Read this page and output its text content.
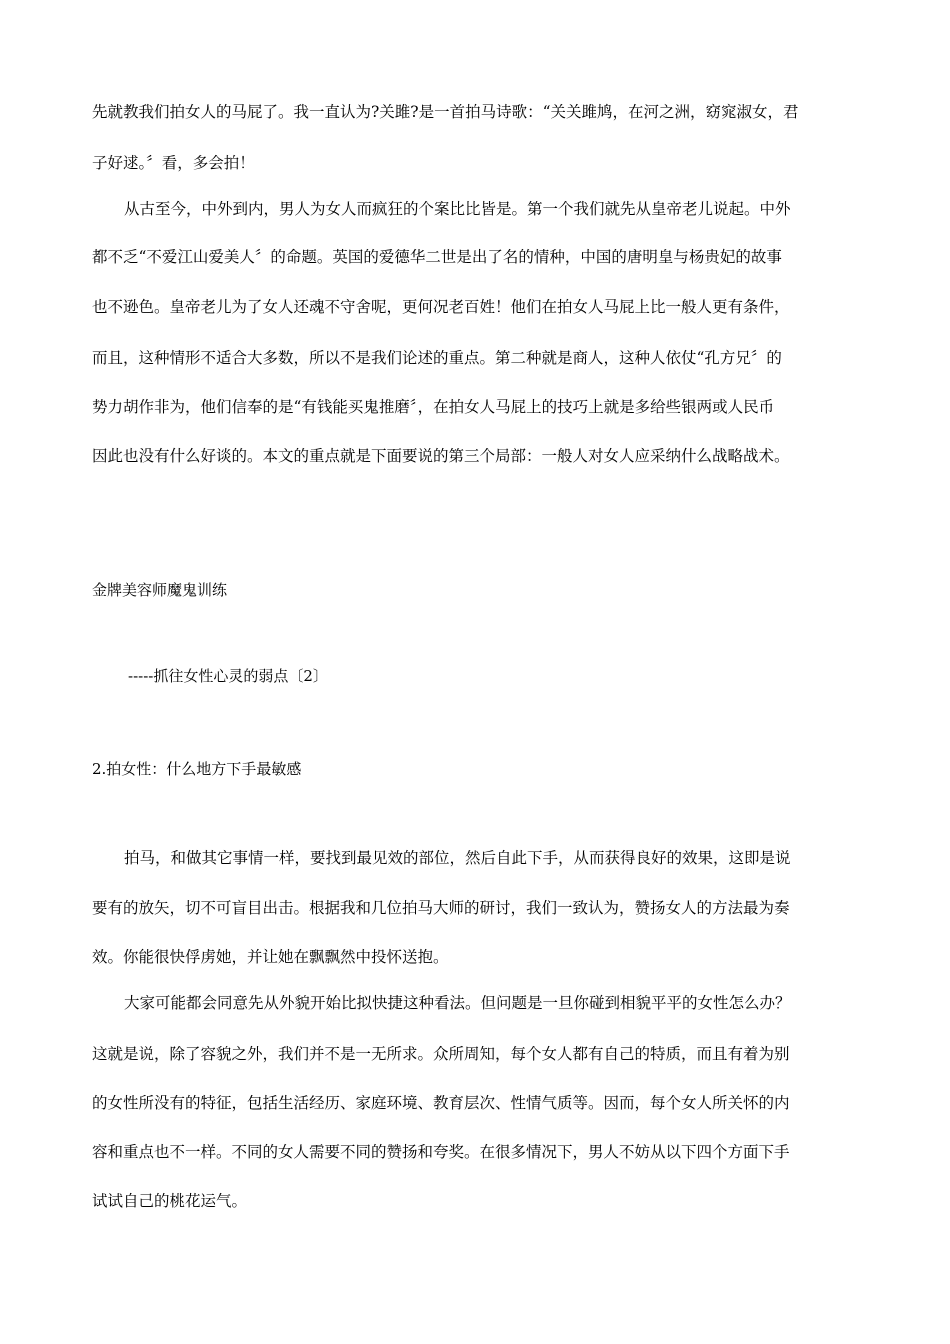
先就教我们拍女人的马屁了。我一直认为?关雎?是一首拍马诗歌：“关关雎鸠，在河之洲，窈窕淑女，君
子好逑。〞看，多会拍！
从古至今，中外到内，男人为女人而疯狂的个案比比皆是。第一个我们就先从皇帝老儿说起。中外
都不乏“不爱江山爱美人〞的命题。英国的爱德华二世是出了名的情种，中国的唐明皇与杨贵妃的故事
也不逊色。皇帝老儿为了女人还魂不守舍呢，更何况老百姓！他们在拍女人马屁上比一般人更有条件，
而且，这种情形不适合大多数，所以不是我们论述的重点。第二种就是商人，这种人依仗“孔方兄〞的
势力胡作非为，他们信奉的是“有钱能买鬼推磨〞，在拍女人马屁上的技巧上就是多给些银两或人民币
因此也没有什么好谈的。本文的重点就是下面要说的第三个局部：一般人对女人应采纳什么战略战术。
金牌美容师魔鬼训练
-----抓往女性心灵的弱点〔2〕
2.拍女性：什么地方下手最敏感
拍马，和做其它事情一样，要找到最见效的部位，然后自此下手，从而获得良好的效果，这即是说
要有的放矢，切不可盲目出击。根据我和几位拍马大师的研讨，我们一致认为，赞扬女人的方法最为奏
效。你能很快俘虏她，并让她在飘飘然中投怀送抱。
大家可能都会同意先从外貌开始比拟快捷这种看法。但问题是一旦你碰到相貌平平的女性怎么办？
这就是说，除了容貌之外，我们并不是一无所求。众所周知，每个女人都有自己的特质，而且有着为别
的女性所没有的特征，包括生活经历、家庭环境、教育层次、性情气质等。因而，每个女人所关怀的内
容和重点也不一样。不同的女人需要不同的赞扬和夸奖。在很多情况下，男人不妨从以下四个方面下手
试试自己的桃花运气。
